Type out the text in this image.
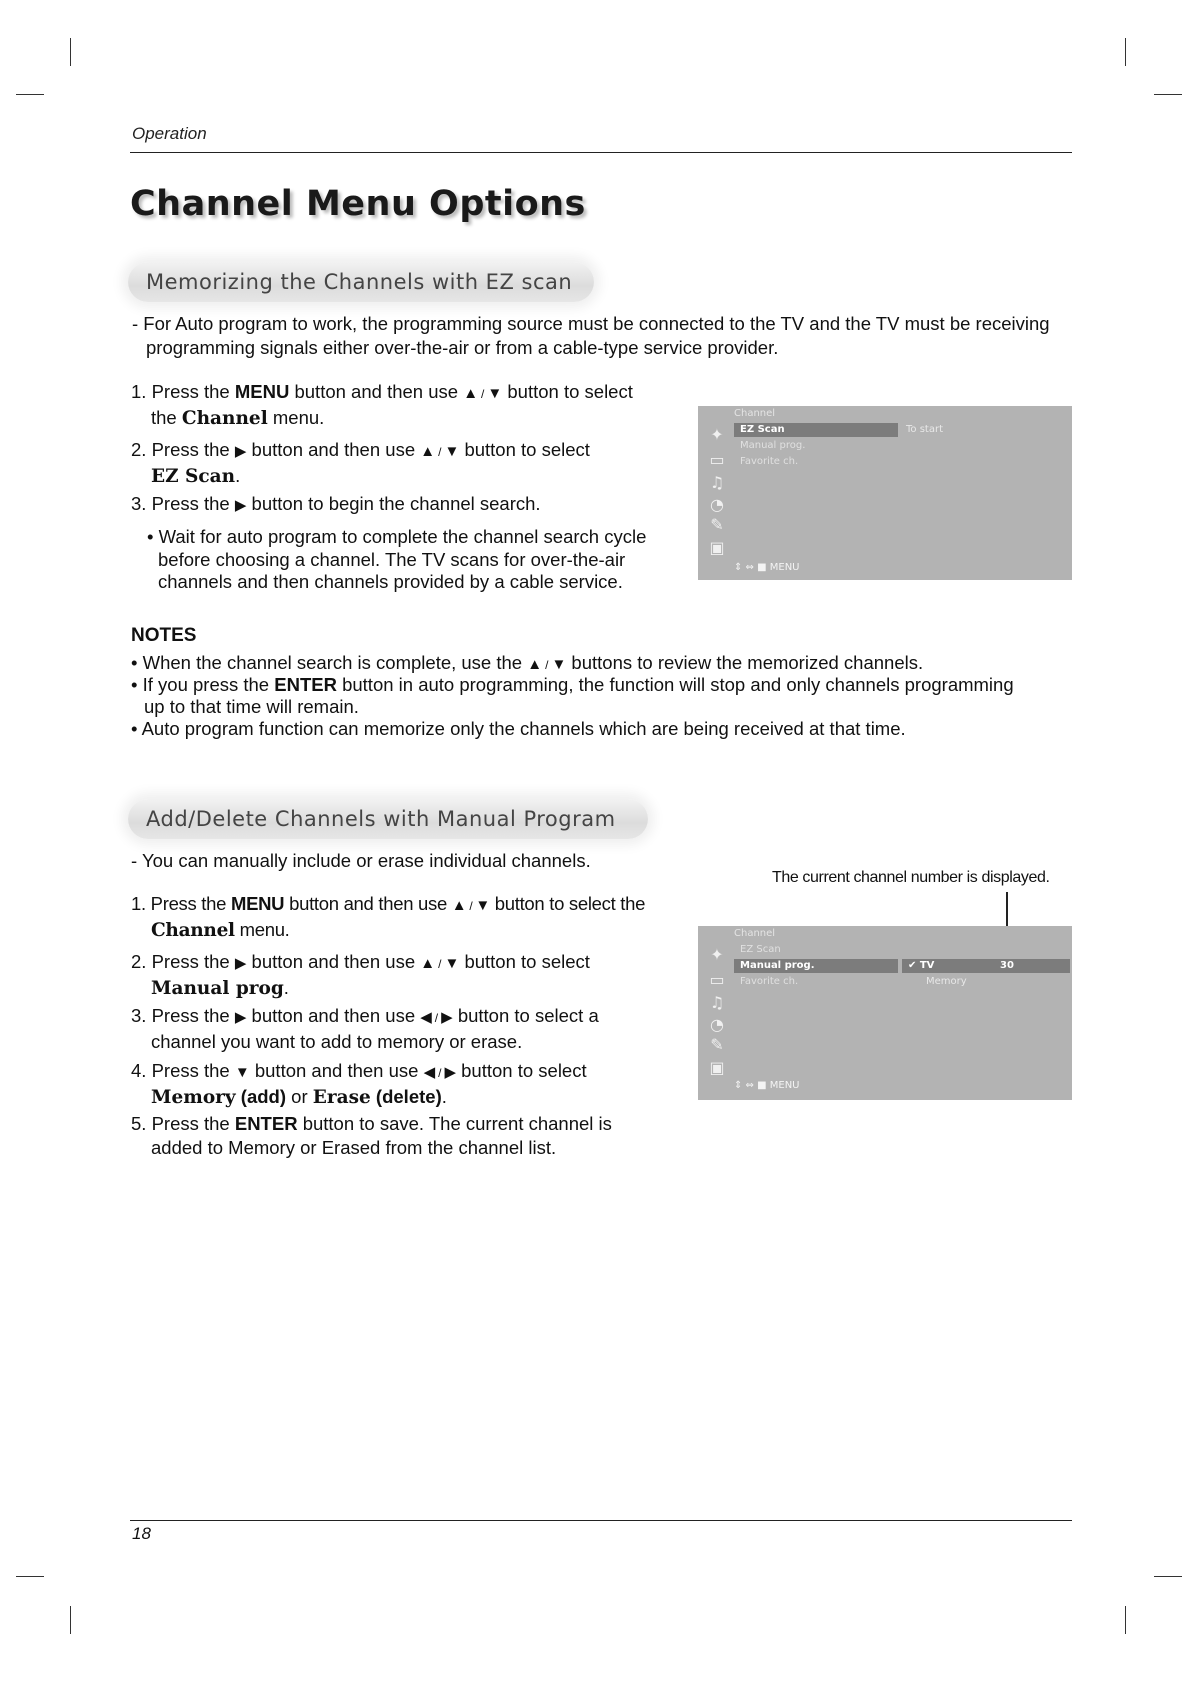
Operation
Channel Menu Options
Memorizing the Channels with EZ scan
- For Auto program to work, the programming source must be connected to the TV and the TV must be receiving programming signals either over-the-air or from a cable-type service provider.
1. Press the MENU button and then use ▲ / ▼ button to select
the Channel menu.
2. Press the ▶ button and then use ▲ / ▼ button to select
EZ Scan.
3. Press the ▶ button to begin the channel search.
• Wait for auto program to complete the channel search cycle before choosing a channel. The TV scans for over-the-air channels and then channels provided by a cable service.
✦
▭
♫
◔
✎
▣
Channel
EZ Scan	To start
Manual prog.
Favorite ch.
⇕ ⇔ ■ MENU
NOTES
• When the channel search is complete, use the ▲ / ▼ buttons to review the memorized channels.
• If you press the ENTER button in auto programming, the function will stop and only channels programming
up to that time will remain.
• Auto program function can memorize only the channels which are being received at that time.
Add/Delete Channels with Manual Program
- You can manually include or erase individual channels.
The current channel number is displayed.
1. Press the MENU button and then use ▲ / ▼ button to select the
Channel menu.
2. Press the ▶ button and then use ▲ / ▼ button to select
Manual prog.
3. Press the ▶ button and then use ◀ / ▶ button to select a
channel you want to add to memory or erase.
4. Press the ▼ button and then use ◀ / ▶ button to select
Memory (add) or Erase (delete).
5. Press the ENTER button to save. The current channel is
added to Memory or Erased from the channel list.
✦
▭
♫
◔
✎
▣
Channel
EZ Scan
Manual prog.	✔ TV	30
Favorite ch.	Memory
⇕ ⇔ ■ MENU
18
